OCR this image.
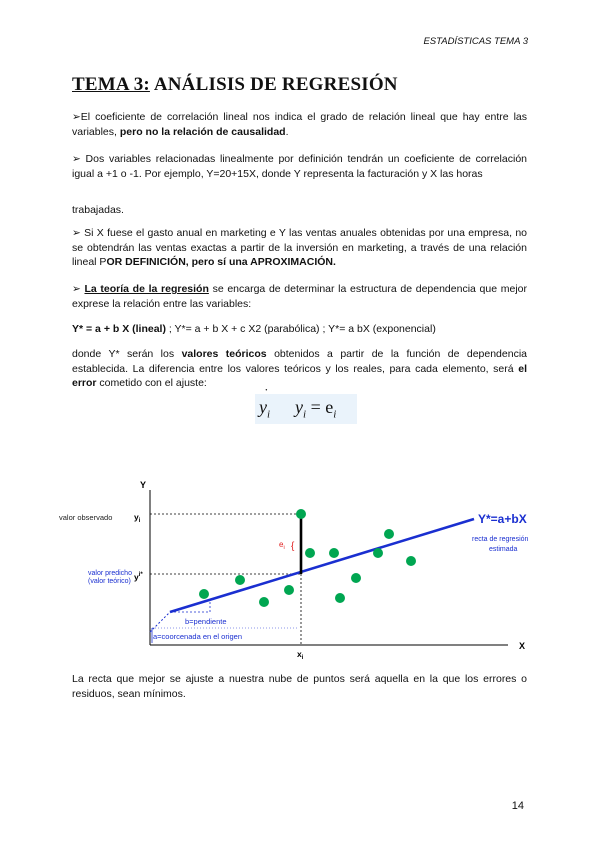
ESTADÍSTICAS TEMA 3
TEMA 3: ANÁLISIS DE REGRESIÓN
➢El coeficiente de correlación lineal nos indica el grado de relación lineal que hay entre las variables, pero no la relación de causalidad.
➢ Dos variables relacionadas linealmente por definición tendrán un coeficiente de correlación igual a +1 o -1. Por ejemplo, Y=20+15X, donde Y representa la facturación y X las horas
trabajadas.
➢ Si X fuese el gasto anual en marketing e Y las ventas anuales obtenidas por una empresa, no se obtendrán las ventas exactas a partir de la inversión en marketing, a través de una relación lineal POR DEFINICIÓN, pero sí una APROXIMACIÓN.
➢ La teoría de la regresión se encarga de determinar la estructura de dependencia que mejor exprese la relación entre las variables:
Y* = a + b X (lineal) ; Y*= a + b X + c X2 (parabólica) ; Y*= a bX (exponencial)
donde Y* serán los valores teóricos obtenidos a partir de la función de dependencia establecida. La diferencia entre los valores teóricos y los reales, para cada elemento, será el error cometido con el ajuste:
$y_i$
˙
$y_i = e_i$
Y
X
valor observado	$y_i$
valor predicho
(valor teórico) $y^{i*}$
Y*=a+bX
recta de regresión
estimada
b=pendiente
a=coorcenada en el origen
$e_i$ {
$x_i$
La recta que mejor se ajuste a nuestra nube de puntos será aquella en la que los errores o residuos, sean mínimos.
14
